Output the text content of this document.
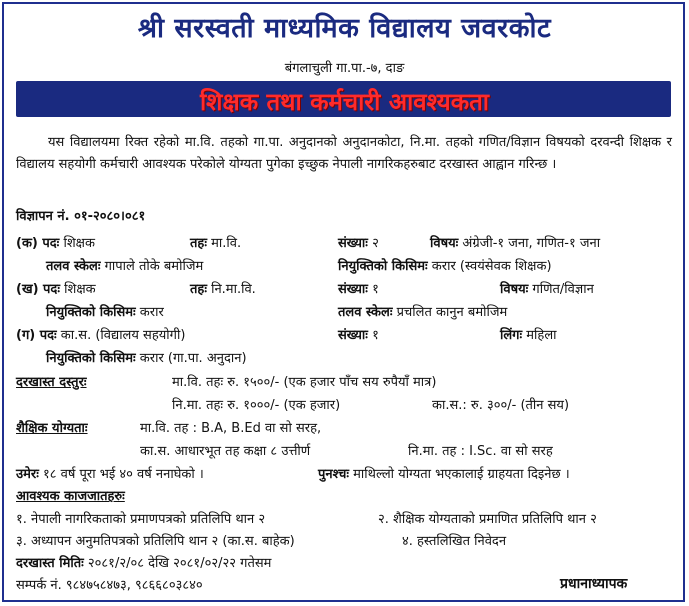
श्री सरस्वती माध्यमिक विद्यालय जवरकोट
बंगलाचुली गा.पा.-७, दाङ
शिक्षक तथा कर्मचारी आवश्यकता
यस विद्यालयमा रिक्त रहेको मा.वि. तहको गा.पा. अनुदानको अनुदानकोटा, नि.मा. तहको गणित/विज्ञान विषयको दरवन्दी शिक्षक र विद्यालय सहयोगी कर्मचारी आवश्यक परेकोले योग्यता पुगेका इच्छुक नेपाली नागरिकहरुबाट दरखास्त आह्वान गरिन्छ ।
विज्ञापन नं. ०१-२०८०।०८१
(क) पदः शिक्षक	तहः मा.वि.	संख्याः २	विषयः अंग्रेजी-१ जना, गणित-१ जना
तलव स्केलः गापाले तोके बमोजिम	नियुक्तिको किसिमः करार (स्वयंसेवक शिक्षक)
(ख) पदः शिक्षक	तहः नि.मा.वि.	संख्याः १	विषयः गणित/विज्ञान
नियुक्तिको किसिमः करार	तलव स्केलः प्रचलित कानुन बमोजिम
(ग) पदः का.स. (विद्यालय सहयोगी)	संख्याः १	लिंगः महिला
नियुक्तिको किसिमः करार (गा.पा. अनुदान)
दरखास्त दस्तुरः	मा.वि. तहः रु. १५००/- (एक हजार पाँच सय रुपैयाँ मात्र)
नि.मा. तहः रु. १०००/- (एक हजार)	का.स.: रु. ३००/- (तीन सय)
शैक्षिक योग्यताः	मा.वि. तह : B.A, B.Ed वा सो सरह,
का.स. आधारभूत तह कक्षा ८ उत्तीर्ण	नि.मा. तह : I.Sc. वा सो सरह
उमेरः १८ वर्ष पूरा भई ४० वर्ष ननाघेको ।	पुनश्चः माथिल्लो योग्यता भएकालाई ग्राहयता दिइनेछ ।
आवश्यक काजजातहरुः
१. नेपाली नागरिकताको प्रमाणपत्रको प्रतिलिपि थान २	२. शैक्षिक योग्यताको प्रमाणित प्रतिलिपि थान २
३. अध्यापन अनुमतिपत्रको प्रतिलिपि थान २ (का.स. बाहेक)	४. हस्तलिखित निवेदन
दरखास्त मितिः २०८१/२/०८ देखि २०८१/०२/२२ गतेसम
सम्पर्क नं. ९८४७५८४७३, ९८६६८०३८४०	प्रधानाध्यापक
